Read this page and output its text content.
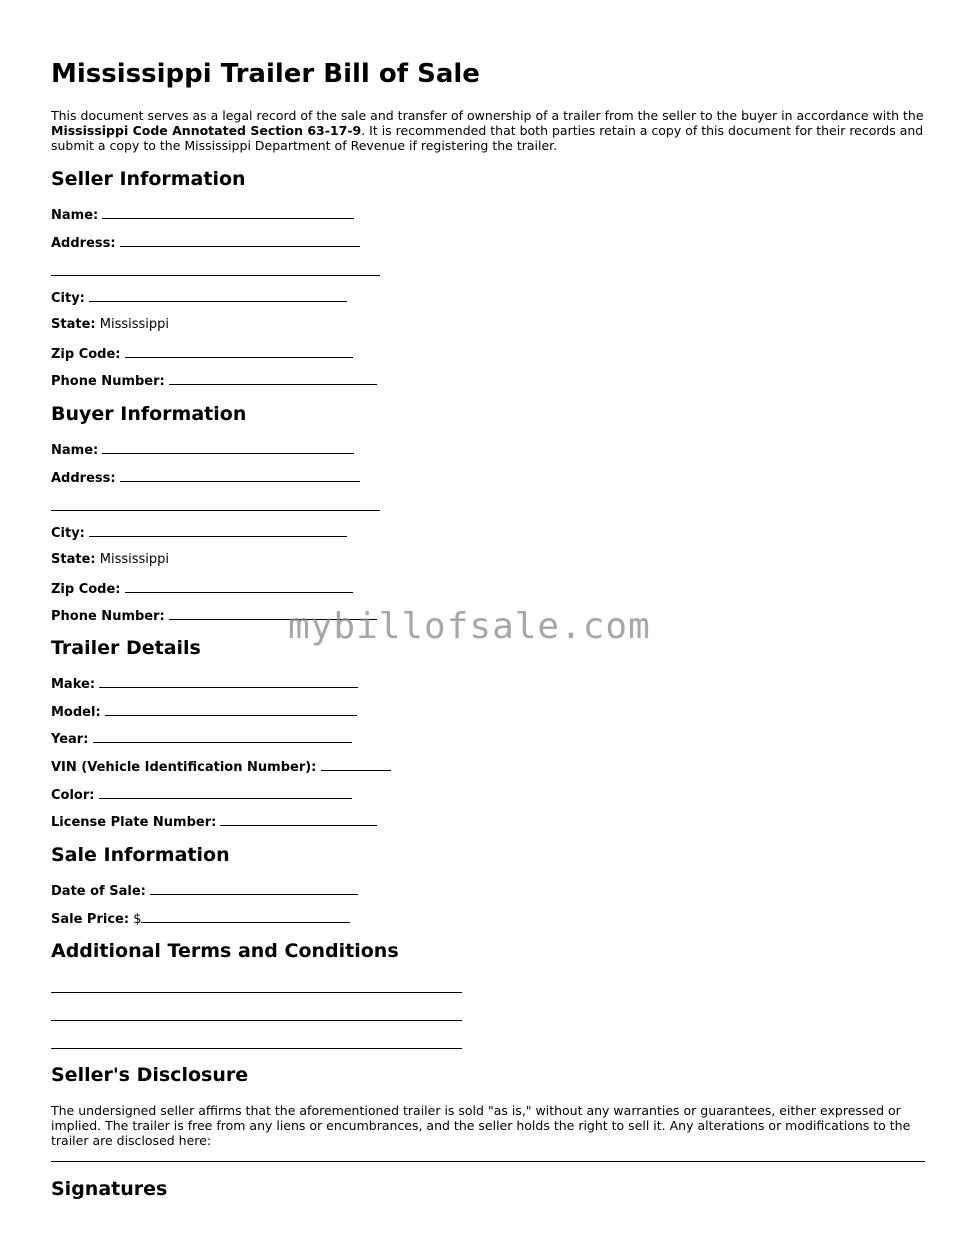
Mississippi Trailer Bill of Sale

This document serves as a legal record of the sale and transfer of ownership of a trailer from the seller to the buyer in accordance with the Mississippi Code Annotated Section 63-17-9. It is recommended that both parties retain a copy of this document for their records and submit a copy to the Mississippi Department of Revenue if registering the trailer.

Seller Information
Name:
Address:
City:
State: Mississippi
Zip Code:
Phone Number:
Buyer Information
Name:
Address:
City:
State: Mississippi
Zip Code:
Phone Number:
Trailer Details
Make:
Model:
Year:
VIN (Vehicle Identification Number):
Color:
License Plate Number:
Sale Information
Date of Sale:
Sale Price: $
Additional Terms and Conditions
Seller's Disclosure

The undersigned seller affirms that the aforementioned trailer is sold "as is," without any warranties or guarantees, either expressed or implied. The trailer is free from any liens or encumbrances, and the seller holds the right to sell it. Any alterations or modifications to the trailer are disclosed here:

Signatures
mybillofsale.com
